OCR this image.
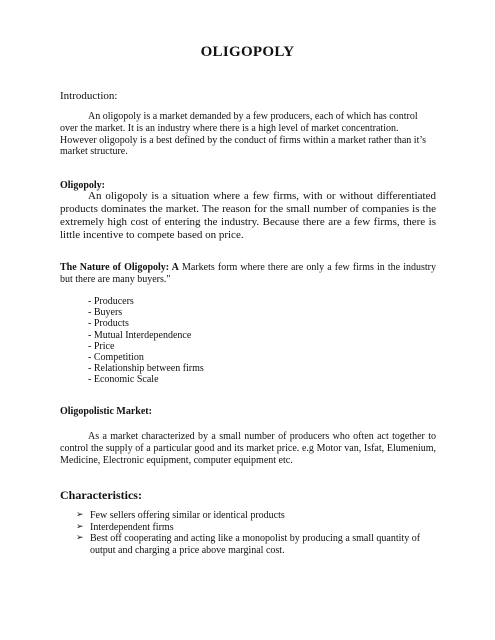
OLIGOPOLY
Introduction:

An oligopoly is a market demanded by a few producers, each of which has control over the market. It is an industry where there is a high level of market concentration. However oligopoly is a best defined by the conduct of firms within a market rather than it’s market structure.

Oligopoly:

An oligopoly is a situation where a few firms, with or without differentiated products dominates the market. The reason for the small number of companies is the extremely high cost of entering the industry. Because there are a few firms, there is little incentive to compete based on price.

The Nature of Oligopoly: A Markets form where there are only a few firms in the industry but there are many buyers."
- Producers
- Buyers
- Products
- Mutual Interdependence
- Price
- Competition
- Relationship between firms
- Economic Scale
Oligopolistic Market:

As a market characterized by a small number of producers who often act together to control the supply of a particular good and its market price. e.g Motor van, Isfat, Elumenium, Medicine, Electronic equipment, computer equipment etc.

Characteristics:
➢ Few sellers offering similar or identical products
➢ Interdependent firms
➢ Best off cooperating and acting like a monopolist by producing a small quantity of output and charging a price above marginal cost.
